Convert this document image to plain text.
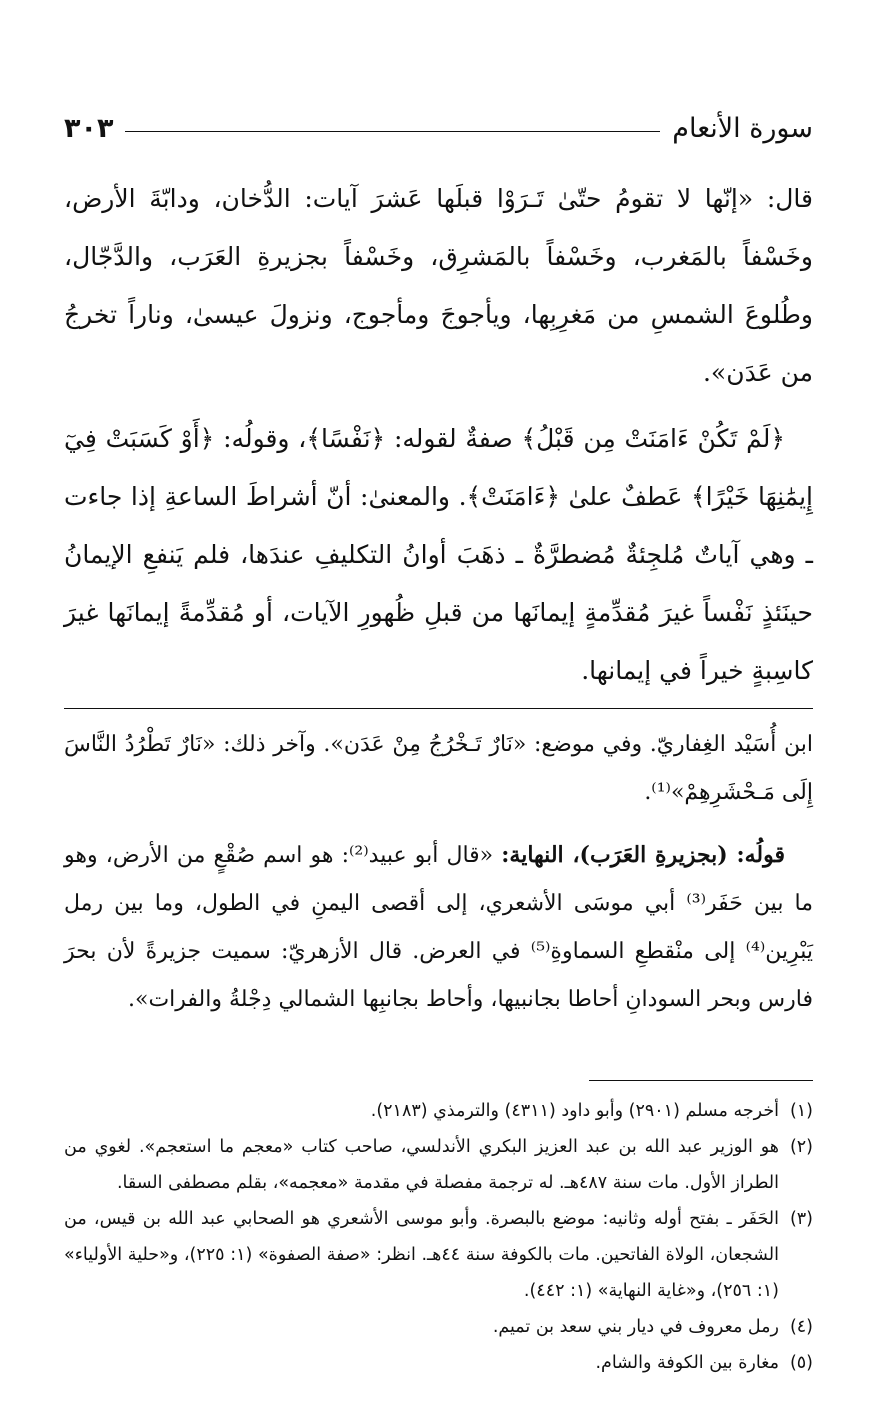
سورة الأنعام
٣٠٣

قال: «إنّها لا تقومُ حتّىٰ تَـرَوْا قبلَها عَشرَ آيات: الدُّخان، ودابّةَ الأرض، وخَسْفاً بالمَغرب، وخَسْفاً بالمَشرِق، وخَسْفاً بجزيرةِ العَرَب، والدَّجّال، وطُلوعَ الشمسِ من مَغرِبِها، ويأجوجَ ومأجوج، ونزولَ عيسىٰ، وناراً تخرجُ من عَدَن».

﴿لَمْ تَكُنْ ءَامَنَتْ مِن قَبْلُ﴾ صفةٌ لقوله: ﴿نَفْسًا﴾، وقولُه: ﴿أَوْ كَسَبَتْ فِيٓ إِيمَٰنِهَا خَيْرًا﴾ عَطفٌ علىٰ ﴿ءَامَنَتْ﴾. والمعنىٰ: أنّ أشراطَ الساعةِ إذا جاءت ـ وهي آياتٌ مُلجِئةٌ مُضطرَّةٌ ـ ذهَبَ أوانُ التكليفِ عندَها، فلم يَنفعِ الإيمانُ حينَئذٍ نَفْساً غيرَ مُقدِّمةٍ إيمانَها من قبلِ ظُهورِ الآيات، أو مُقدِّمةً إيمانَها غيرَ كاسِبةٍ خيراً في إيمانها.

ابن أُسَيْد الغِفاريّ. وفي موضع: «نَارٌ تَـخْرُجُ مِنْ عَدَن». وآخر ذلك: «نَارٌ تَطْرُدُ النَّاسَ إِلَى مَـحْشَرِهِمْ»⁽¹⁾.

قولُه: (بجزيرةِ العَرَب)، النهاية: «قال أبو عبيد⁽²⁾: هو اسم صُقْعٍ من الأرض، وهو ما بين حَفَر⁽³⁾ أبي موسَى الأشعري، إلى أقصى اليمنِ في الطول، وما بين رمل يَبْرِين⁽⁴⁾ إلى منْقطعِ السماوةِ⁽⁵⁾ في العرض. قال الأزهريّ: سميت جزيرةً لأن بحرَ فارس وبحر السودانِ أحاطا بجانبيها، وأحاط بجانبِها الشمالي دِجْلةُ والفرات».

(١)أخرجه مسلم (٢٩٠١) وأبو داود (٤٣١١) والترمذي (٢١٨٣).

(٢)هو الوزير عبد الله بن عبد العزيز البكري الأندلسي، صاحب كتاب «معجم ما استعجم». لغوي من الطراز الأول. مات سنة ٤٨٧هـ. له ترجمة مفصلة في مقدمة «معجمه»، بقلم مصطفى السقا.

(٣)الحَفَر ـ بفتح أوله وثانيه: موضع بالبصرة. وأبو موسى الأشعري هو الصحابي عبد الله بن قيس، من الشجعان، الولاة الفاتحين. مات بالكوفة سنة ٤٤هـ. انظر: «صفة الصفوة» (١: ٢٢٥)، و«حلية الأولياء» (١: ٢٥٦)، و«غاية النهاية» (١: ٤٤٢).

(٤)رمل معروف في ديار بني سعد بن تميم.

(٥)مغارة بين الكوفة والشام.
